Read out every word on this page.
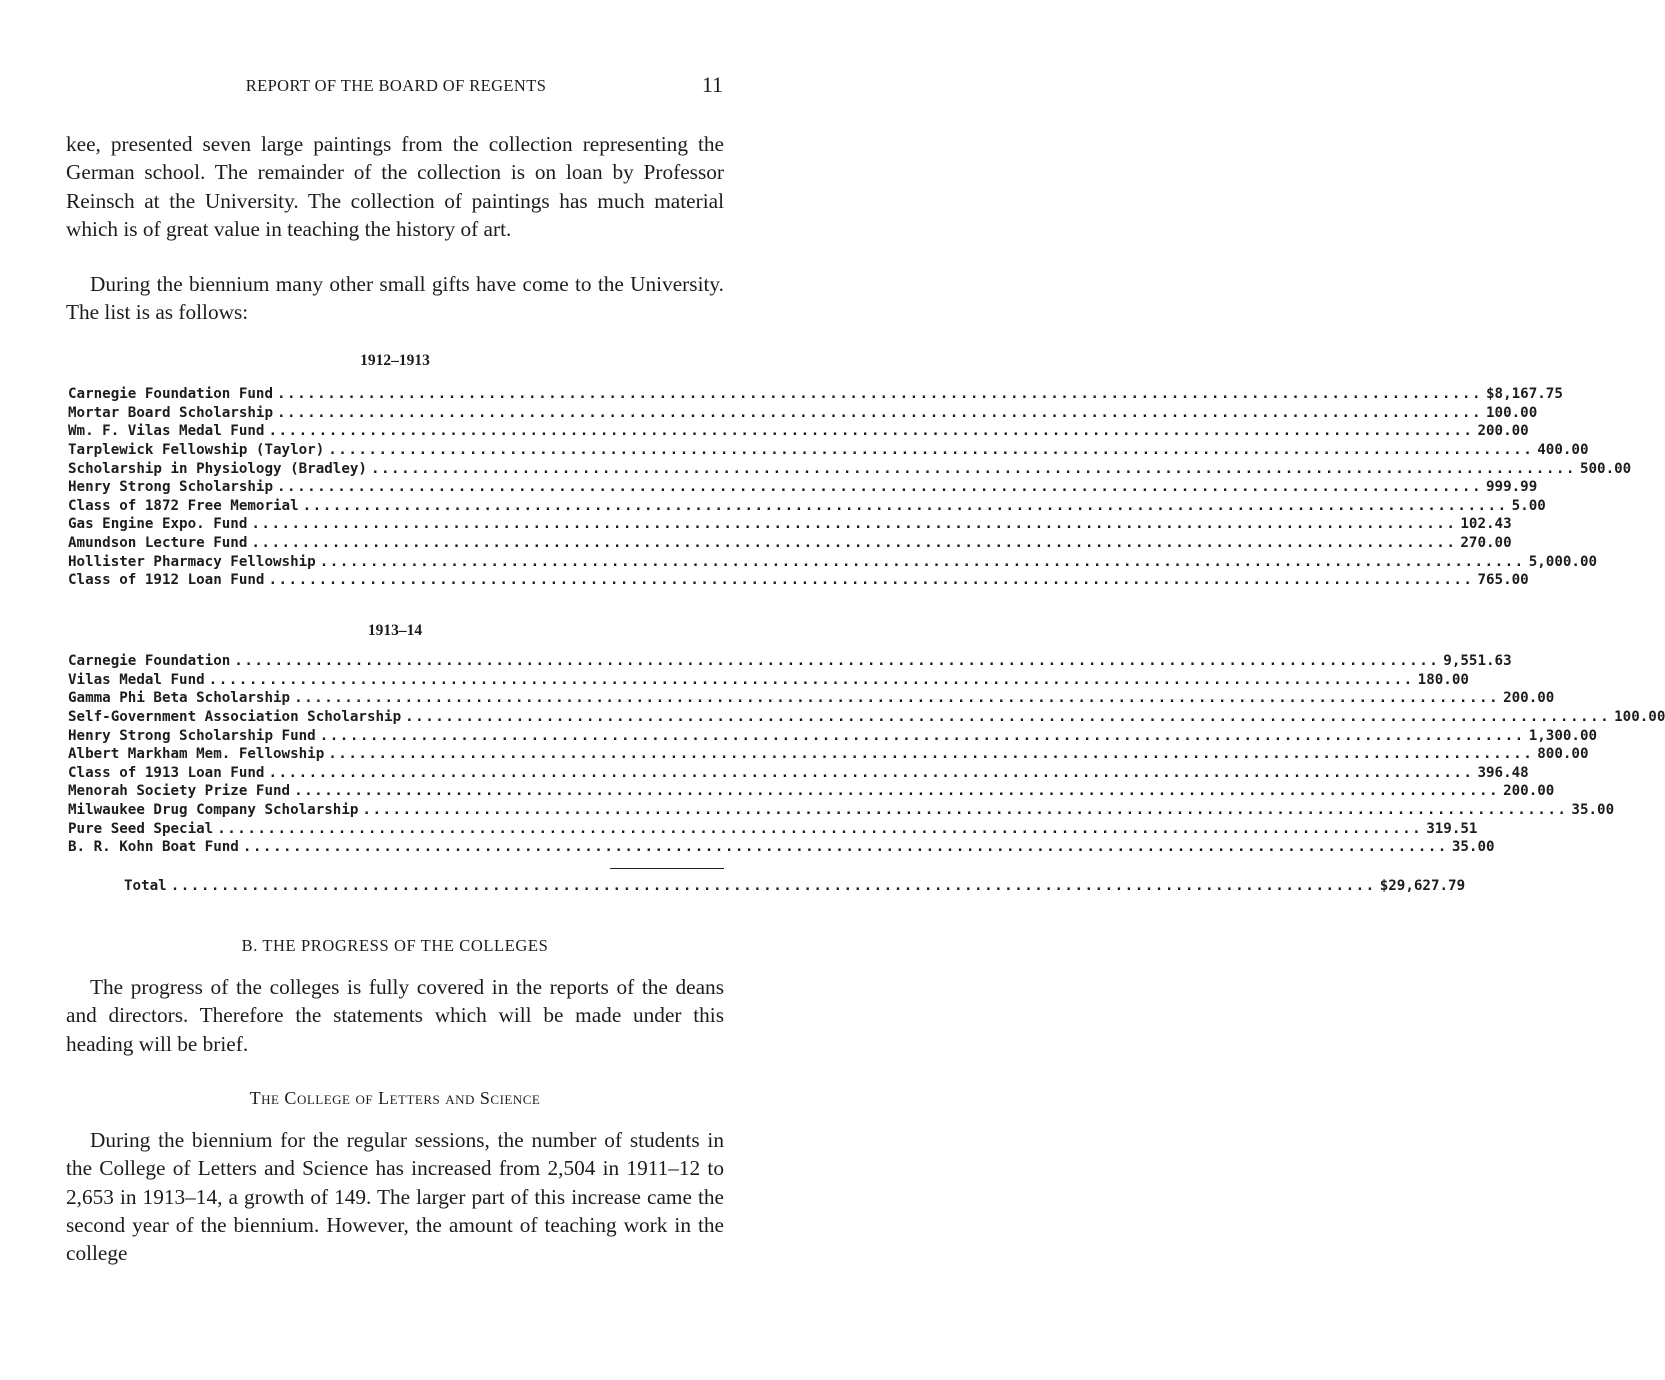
REPORT OF THE BOARD OF REGENTS	11

kee, presented seven large paintings from the collection representing the German school. The remainder of the collection is on loan by Professor Reinsch at the University. The collection of paintings has much material which is of great value in teaching the history of art.

During the biennium many other small gifts have come to the University. The list is as follows:

1912–1913
Carnegie Foundation Fund ........................................................................................................................ $8,167.75
Mortar Board Scholarship ........................................................................................................................ 100.00
Wm. F. Vilas Medal Fund ........................................................................................................................ 200.00
Tarplewick Fellowship (Taylor) ........................................................................................................................ 400.00
Scholarship in Physiology (Bradley) ........................................................................................................................ 500.00
Henry Strong Scholarship ........................................................................................................................ 999.99
Class of 1872 Free Memorial ........................................................................................................................ 5.00
Gas Engine Expo. Fund ........................................................................................................................ 102.43
Amundson Lecture Fund ........................................................................................................................ 270.00
Hollister Pharmacy Fellowship ........................................................................................................................ 5,000.00
Class of 1912 Loan Fund ........................................................................................................................ 765.00
1913–14
Carnegie Foundation ........................................................................................................................ 9,551.63
Vilas Medal Fund ........................................................................................................................ 180.00
Gamma Phi Beta Scholarship ........................................................................................................................ 200.00
Self-Government Association Scholarship ........................................................................................................................ 100.00
Henry Strong Scholarship Fund ........................................................................................................................ 1,300.00
Albert Markham Mem. Fellowship ........................................................................................................................ 800.00
Class of 1913 Loan Fund ........................................................................................................................ 396.48
Menorah Society Prize Fund ........................................................................................................................ 200.00
Milwaukee Drug Company Scholarship ........................................................................................................................ 35.00
Pure Seed Special ........................................................................................................................ 319.51
B. R. Kohn Boat Fund ........................................................................................................................ 35.00
Total ........................................................................................................................ $29,627.79
B. THE PROGRESS OF THE COLLEGES

The progress of the colleges is fully covered in the reports of the deans and directors. Therefore the statements which will be made under this heading will be brief.

The College of Letters and Science

During the biennium for the regular sessions, the number of students in the College of Letters and Science has increased from 2,504 in 1911–12 to 2,653 in 1913–14, a growth of 149. The larger part of this increase came the second year of the biennium. However, the amount of teaching work in the college
